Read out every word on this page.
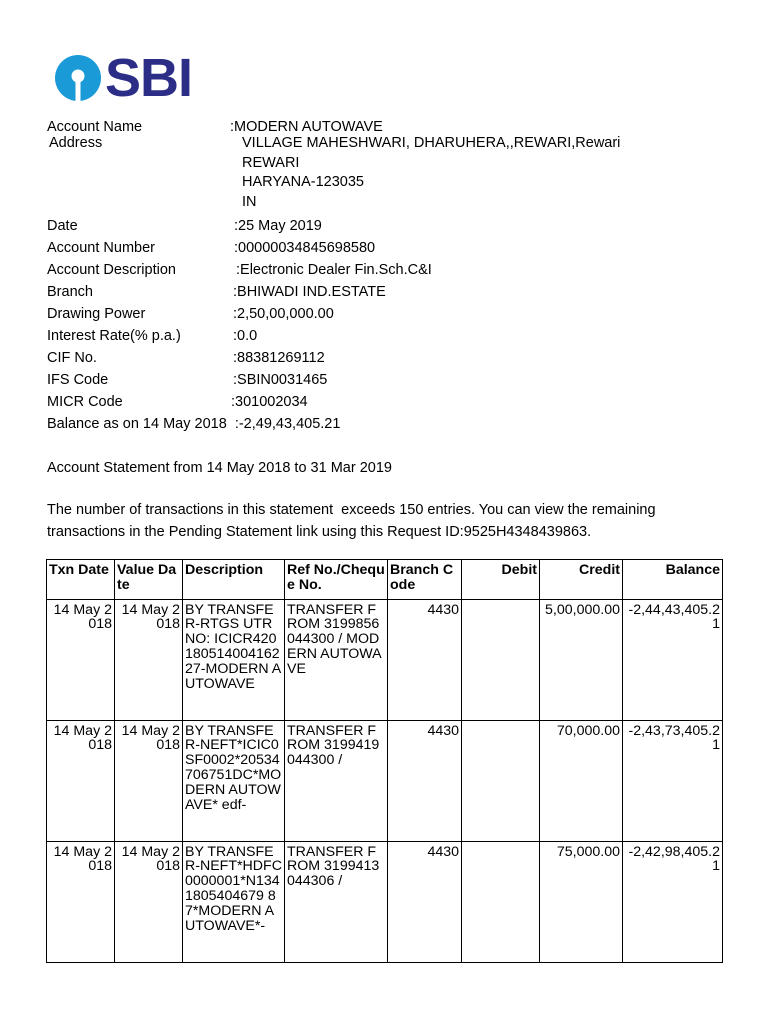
SBI
Account Name	:MODERN AUTOWAVE
Address	VILLAGE MAHESHWARI, DHARUHERA,,REWARI,Rewari
REWARI
HARYANA-123035
IN
Date	:25 May 2019
Account Number	:00000034845698580
Account Description	:Electronic Dealer Fin.Sch.C&I
Branch	:BHIWADI IND.ESTATE
Drawing Power	:2,50,00,000.00
Interest Rate(% p.a.)	:0.0
CIF No.	:88381269112
IFS Code	:SBIN0031465
MICR Code	:301002034
Balance as on 14 May 2018  :-2,49,43,405.21
Account Statement from 14 May 2018 to 31 Mar 2019
The number of transactions in this statement  exceeds 150 entries. You can view the remaining
transactions in the Pending Statement link using this Request ID:9525H4348439863.
Txn Date	Value Date	Description	Ref No./Cheque No.	Branch Code	Debit	Credit	Balance
14 May 2018	14 May 2018	BY TRANSFER-RTGS UTR NO: ICICR42018051400416227-MODERN AUTOWAVE	TRANSFER FROM 3199856044300 / MODERN AUTOWAVE	4430		5,00,000.00	-2,44,43,405.21
14 May 2018	14 May 2018	BY TRANSFER-NEFT*ICIC0SF0002*20534706751DC*MODERN AUTOWAVE* edf-	TRANSFER FROM 3199419044300 /	4430		70,000.00	-2,43,73,405.21
14 May 2018	14 May 2018	BY TRANSFER-NEFT*HDFC0000001*N1341805404679 87*MODERN AUTOWAVE*-	TRANSFER FROM 3199413044306 /	4430		75,000.00	-2,42,98,405.21
